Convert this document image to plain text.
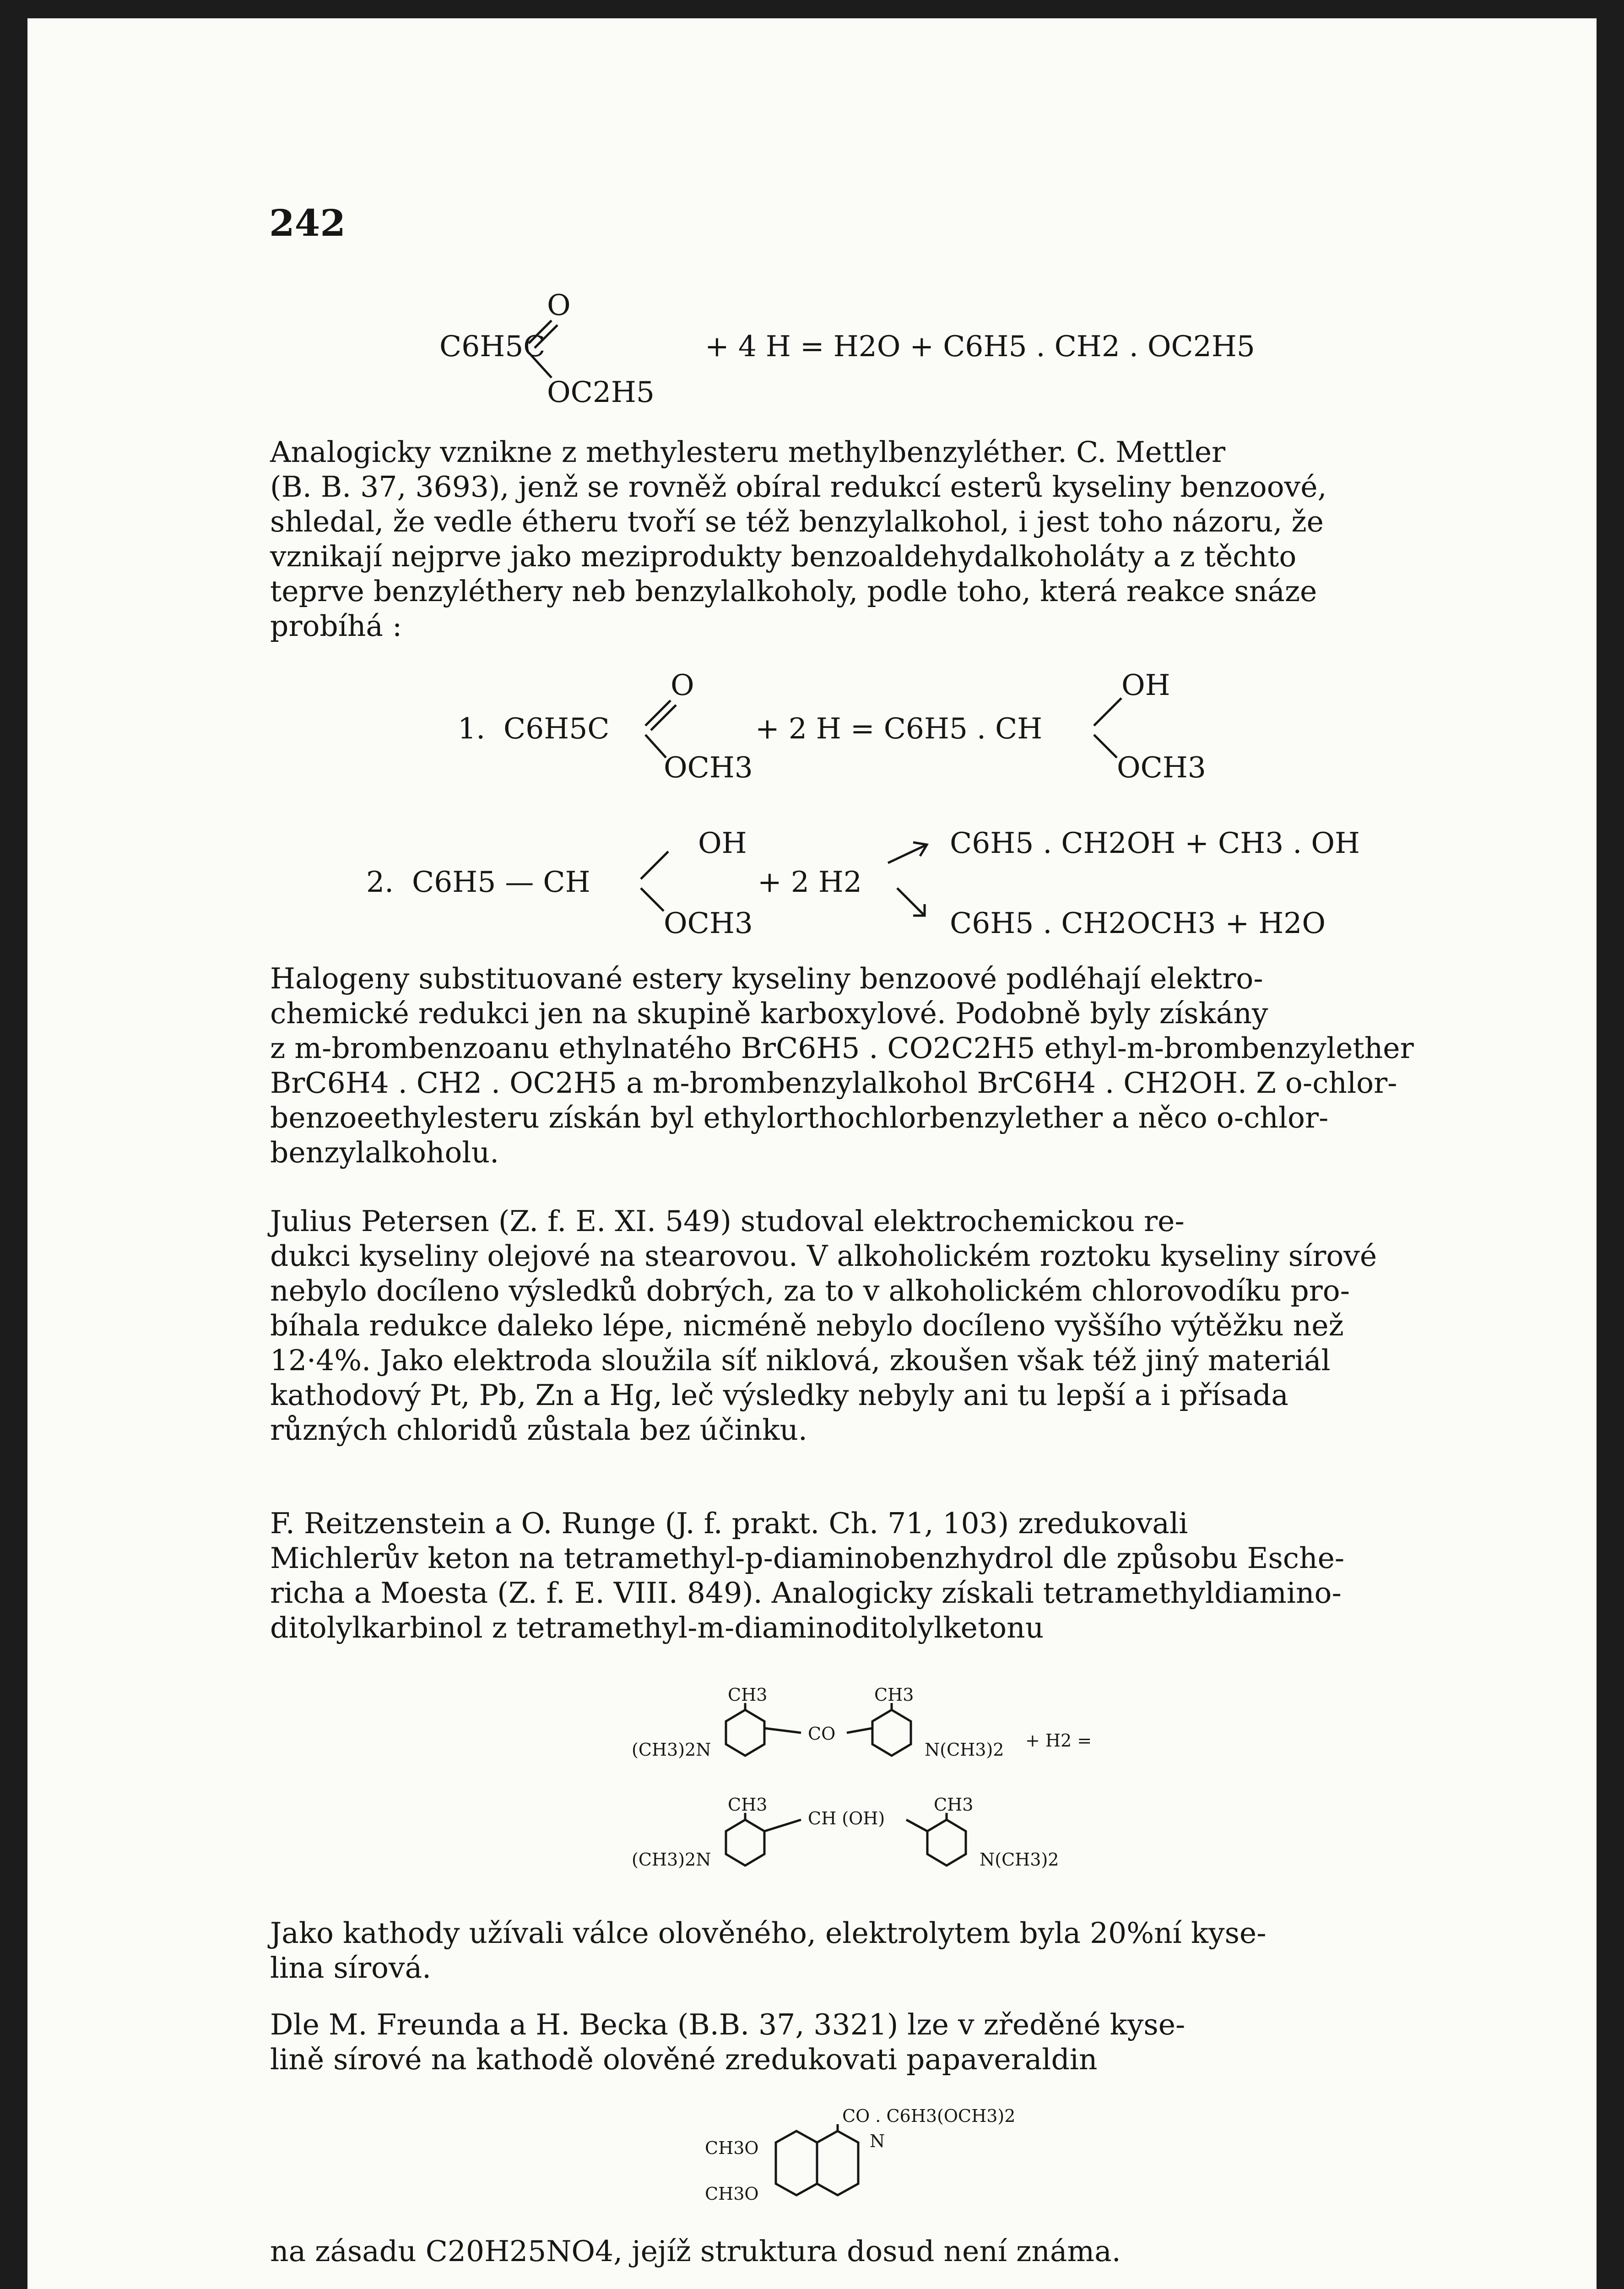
242
C6H5C
O
OC2H5
+ 4 H = H2O + C6H5 . CH2 . OC2H5
Analogicky vznikne z methylesteru methylbenzyléther. C. Mettler
(B. B. 37, 3693), jenž se rovněž obíral redukcí esterů kyseliny benzoové,
shledal, že vedle étheru tvoří se též benzylalkohol, i jest toho názoru, že
vznikají nejprve jako meziprodukty benzoaldehydalkoholáty a z těchto
teprve benzyléthery neb benzylalkoholy, podle toho, která reakce snáze
probíhá :
1. C6H5C
O
OCH3
+ 2 H = C6H5 . CH
OH
OCH3
2. C6H5 — CH
OH
OCH3
+ 2 H2
C6H5 . CH2OH + CH3 . OH
C6H5 . CH2OCH3 + H2O
Halogeny substituované estery kyseliny benzoové podléhají elektro-
chemické redukci jen na skupině karboxylové. Podobně byly získány
z m-brombenzoanu ethylnatého BrC6H5 . CO2C2H5 ethyl-m-brombenzylether
BrC6H4 . CH2 . OC2H5 a m-brombenzylalkohol BrC6H4 . CH2OH. Z o-chlor-
benzoeethylesteru získán byl ethylorthochlorbenzylether a něco o-chlor-
benzylalkoholu.
Julius Petersen (Z. f. E. XI. 549) studoval elektrochemickou re-
dukci kyseliny olejové na stearovou. V alkoholickém roztoku kyseliny sírové
nebylo docíleno výsledků dobrých, za to v alkoholickém chlorovodíku pro-
bíhala redukce daleko lépe, nicméně nebylo docíleno vyššího výtěžku než
12·4%. Jako elektroda sloužila síť niklová, zkoušen však též jiný materiál
kathodový Pt, Pb, Zn a Hg, leč výsledky nebyly ani tu lepší a i přísada
různých chloridů zůstala bez účinku.
F. Reitzenstein a O. Runge (J. f. prakt. Ch. 71, 103) zredukovali
Michlerův keton na tetramethyl-p-diaminobenzhydrol dle způsobu Esche-
richa a Moesta (Z. f. E. VIII. 849). Analogicky získali tetramethyldiamino-
ditolylkarbinol z tetramethyl-m-diaminoditolylketonu
CH3	CH3
(CH3)2N
CO
N(CH3)2 + H2 =
CH3	CH3
(CH3)2N
CH (OH)
N(CH3)2
Jako kathody užívali válce olověného, elektrolytem byla 20%ní kyse-
lina sírová.
Dle M. Freunda a H. Becka (B.B. 37, 3321) lze v zředěné kyse-
lině sírové na kathodě olověné zredukovati papaveraldin
CO . C6H3(OCH3)2
N
CH3O
CH3O
na zásadu C20H25NO4, jejíž struktura dosud není známa.
